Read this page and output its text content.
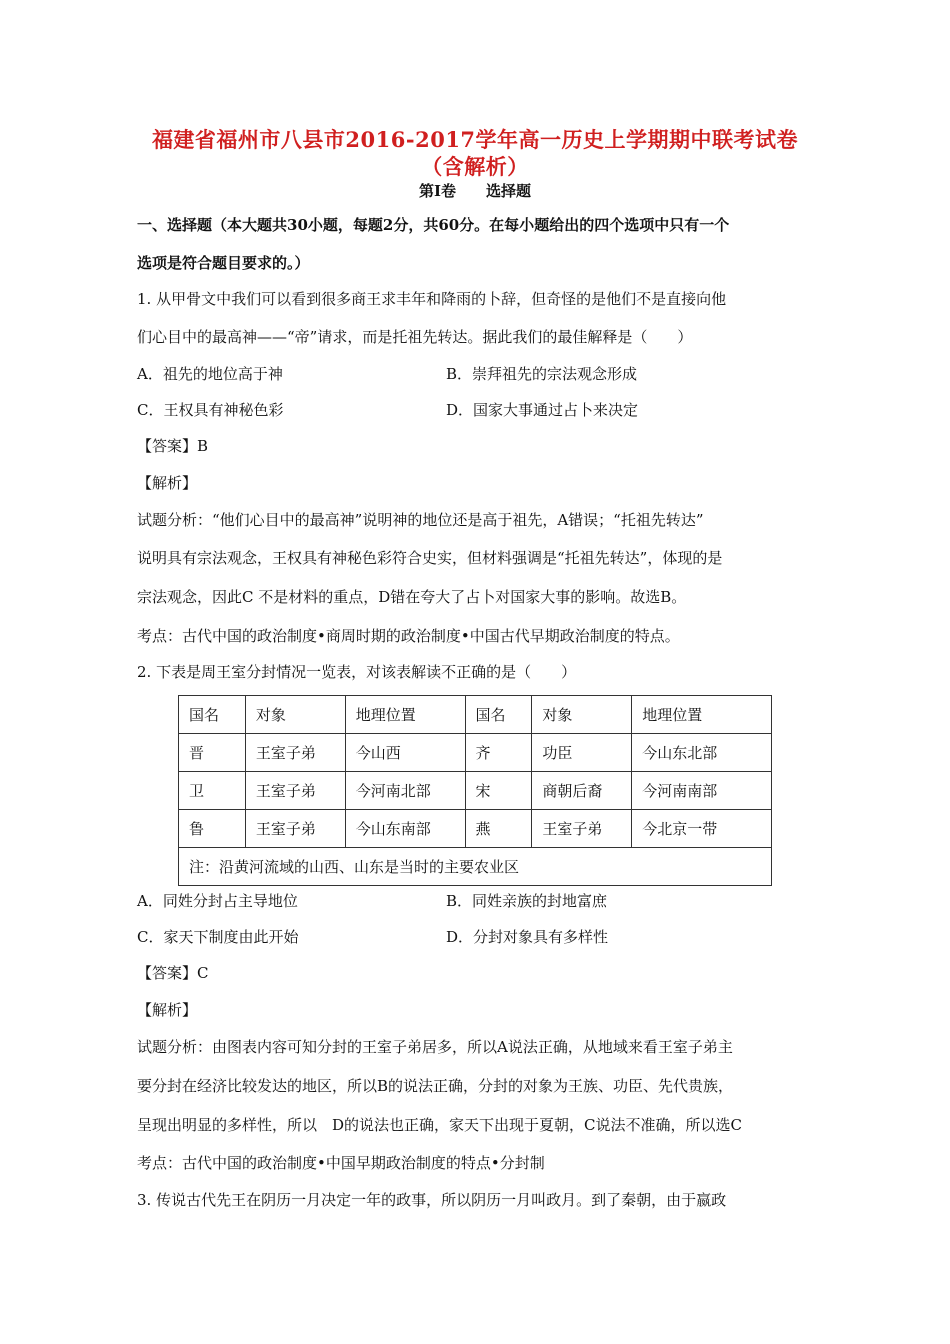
福建省福州市八县市2016-2017学年高一历史上学期期中联考试卷
（含解析）
第Ⅰ卷　　选择题
一、选择题（本大题共30小题，每题2分，共60分。在每小题给出的四个选项中只有一个
选项是符合题目要求的。）
1. 从甲骨文中我们可以看到很多商王求丰年和降雨的卜辞，但奇怪的是他们不是直接向他
们心目中的最高神——“帝”请求，而是托祖先转达。据此我们的最佳解释是（　　）
A．祖先的地位高于神	B．崇拜祖先的宗法观念形成
C．王权具有神秘色彩	D．国家大事通过占卜来决定
【答案】B
【解析】
试题分析：“他们心目中的最高神”说明神的地位还是高于祖先，A错误；“托祖先转达”
说明具有宗法观念，王权具有神秘色彩符合史实，但材料强调是“托祖先转达”，体现的是
宗法观念，因此C 不是材料的重点，D错在夸大了占卜对国家大事的影响。故选B。
考点：古代中国的政治制度•商周时期的政治制度•中国古代早期政治制度的特点。
2. 下表是周王室分封情况一览表，对该表解读不正确的是（　　）
国名	对象	地理位置	国名	对象	地理位置
晋	王室子弟	今山西	齐	功臣	今山东北部
卫	王室子弟	今河南北部	宋	商朝后裔	今河南南部
鲁	王室子弟	今山东南部	燕	王室子弟	今北京一带
注：沿黄河流域的山西、山东是当时的主要农业区					
A．同姓分封占主导地位	B．同姓亲族的封地富庶
C．家天下制度由此开始	D．分封对象具有多样性
【答案】C
【解析】
试题分析：由图表内容可知分封的王室子弟居多，所以A说法正确，从地域来看王室子弟主
要分封在经济比较发达的地区，所以B的说法正确，分封的对象为王族、功臣、先代贵族，
呈现出明显的多样性，所以　D的说法也正确，家天下出现于夏朝，C说法不准确，所以选C
考点：古代中国的政治制度•中国早期政治制度的特点•分封制
3. 传说古代先王在阴历一月决定一年的政事，所以阴历一月叫政月。到了秦朝，由于嬴政
